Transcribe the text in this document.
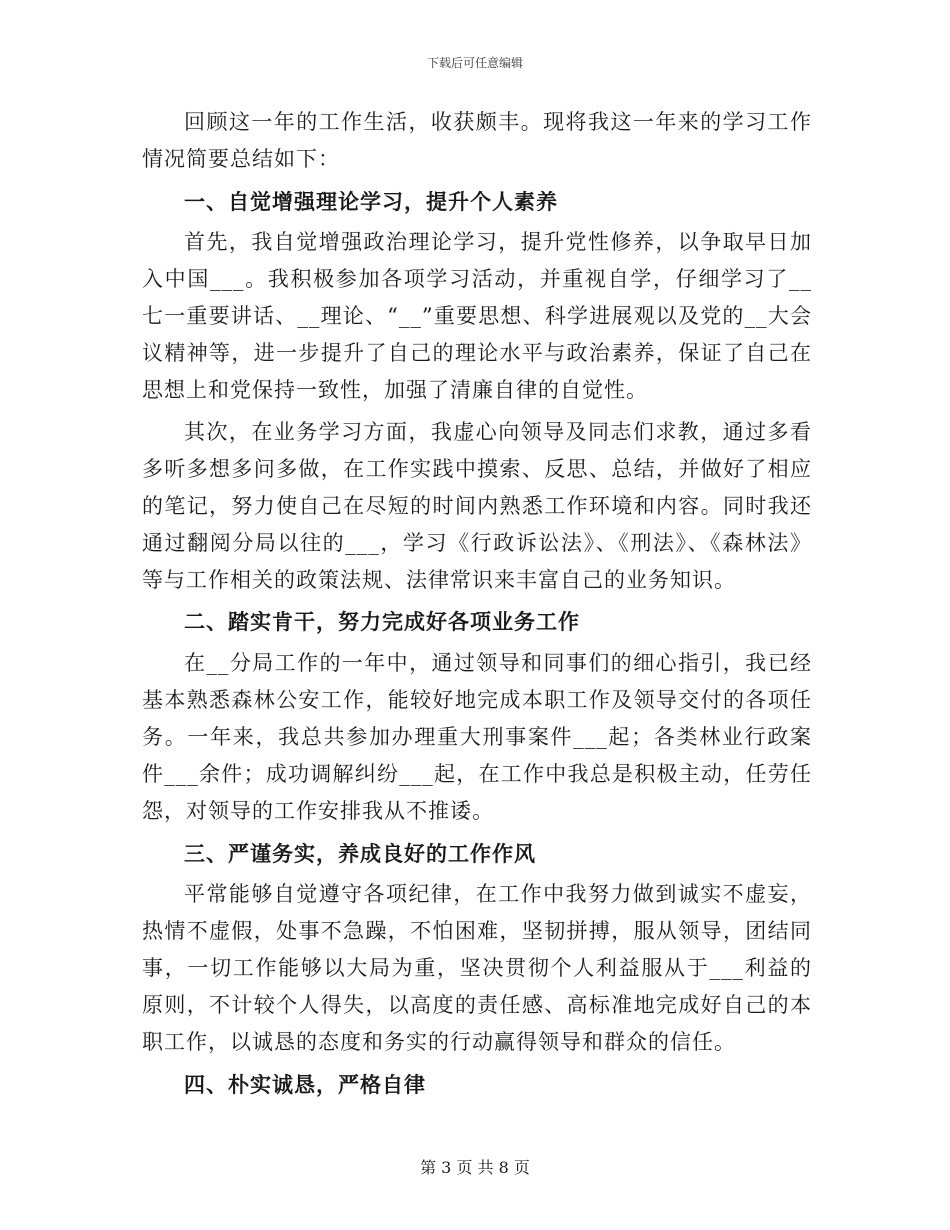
下载后可任意编辑

回顾这一年的工作生活，收获颇丰。现将我这一年来的学习工作情况简要总结如下：

一、自觉增强理论学习，提升个人素养

首先，我自觉增强政治理论学习，提升党性修养，以争取早日加入中国___。我积极参加各项学习活动，并重视自学，仔细学习了__七一重要讲话、__理论、“__”重要思想、科学进展观以及党的__大会议精神等，进一步提升了自己的理论水平与政治素养，保证了自己在思想上和党保持一致性，加强了清廉自律的自觉性。

其次，在业务学习方面，我虚心向领导及同志们求教，通过多看多听多想多问多做，在工作实践中摸索、反思、总结，并做好了相应的笔记，努力使自己在尽短的时间内熟悉工作环境和内容。同时我还通过翻阅分局以往的___，学习《行政诉讼法》、《刑法》、《森林法》等与工作相关的政策法规、法律常识来丰富自己的业务知识。

二、踏实肯干，努力完成好各项业务工作

在__分局工作的一年中，通过领导和同事们的细心指引，我已经基本熟悉森林公安工作，能较好地完成本职工作及领导交付的各项任务。一年来，我总共参加办理重大刑事案件___起；各类林业行政案件___余件；成功调解纠纷___起，在工作中我总是积极主动，任劳任怨，对领导的工作安排我从不推诿。

三、严谨务实，养成良好的工作作风

平常能够自觉遵守各项纪律，在工作中我努力做到诚实不虚妄，热情不虚假，处事不急躁，不怕困难，坚韧拼搏，服从领导，团结同事，一切工作能够以大局为重，坚决贯彻个人利益服从于___利益的原则，不计较个人得失，以高度的责任感、高标准地完成好自己的本职工作，以诚恳的态度和务实的行动赢得领导和群众的信任。

四、朴实诚恳，严格自律

第 3 页 共 8 页
